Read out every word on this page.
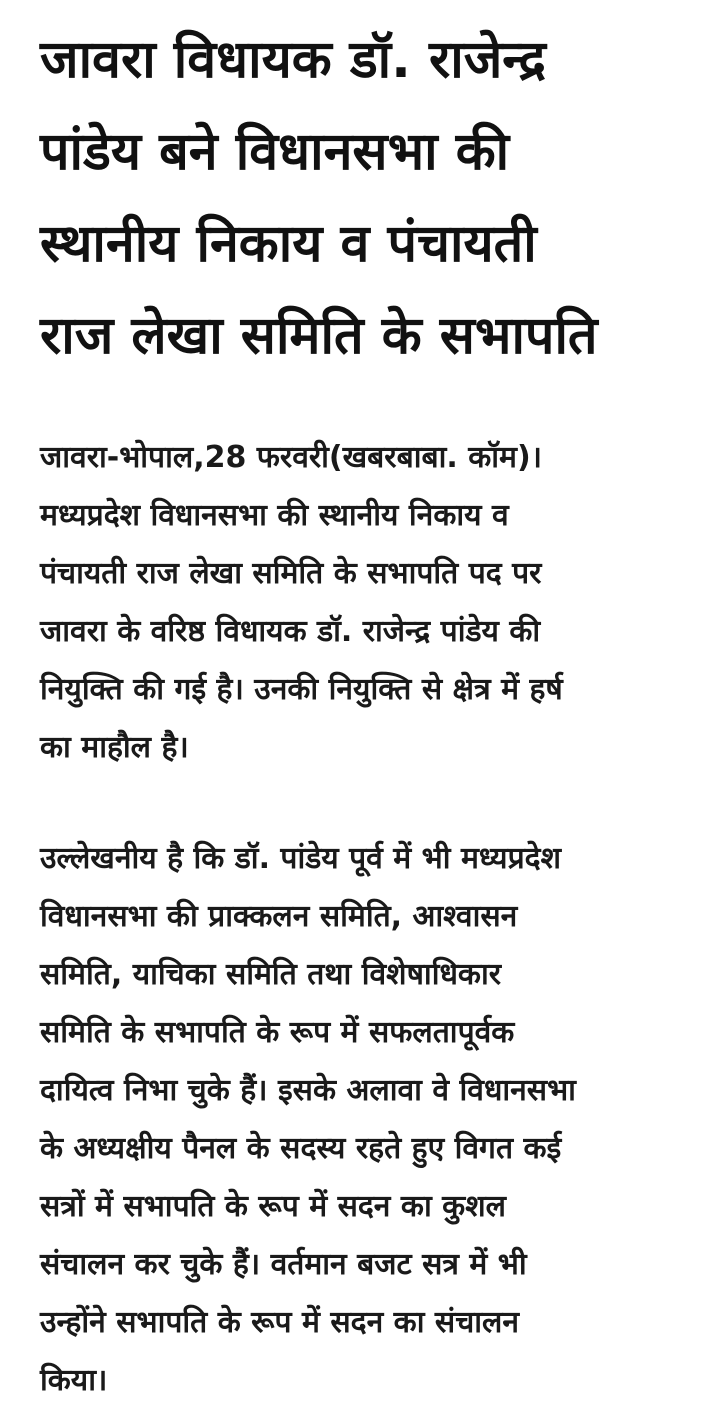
जावरा विधायक डॉ. राजेन्द्र
पांडेय बने विधानसभा की
स्थानीय निकाय व पंचायती
राज लेखा समिति के सभापति

जावरा-भोपाल,28 फरवरी(खबरबाबा. कॉम)।
मध्यप्रदेश विधानसभा की स्थानीय निकाय व
पंचायती राज लेखा समिति के सभापति पद पर
जावरा के वरिष्ठ विधायक डॉ. राजेन्द्र पांडेय की
नियुक्ति की गई है। उनकी नियुक्ति से क्षेत्र में हर्ष
का माहौल है।

उल्लेखनीय है कि डॉ. पांडेय पूर्व में भी मध्यप्रदेश
विधानसभा की प्राक्कलन समिति, आश्वासन
समिति, याचिका समिति तथा विशेषाधिकार
समिति के सभापति के रूप में सफलतापूर्वक
दायित्व निभा चुके हैं। इसके अलावा वे विधानसभा
के अध्यक्षीय पैनल के सदस्य रहते हुए विगत कई
सत्रों में सभापति के रूप में सदन का कुशल
संचालन कर चुके हैं। वर्तमान बजट सत्र में भी
उन्होंने सभापति के रूप में सदन का संचालन
किया।
